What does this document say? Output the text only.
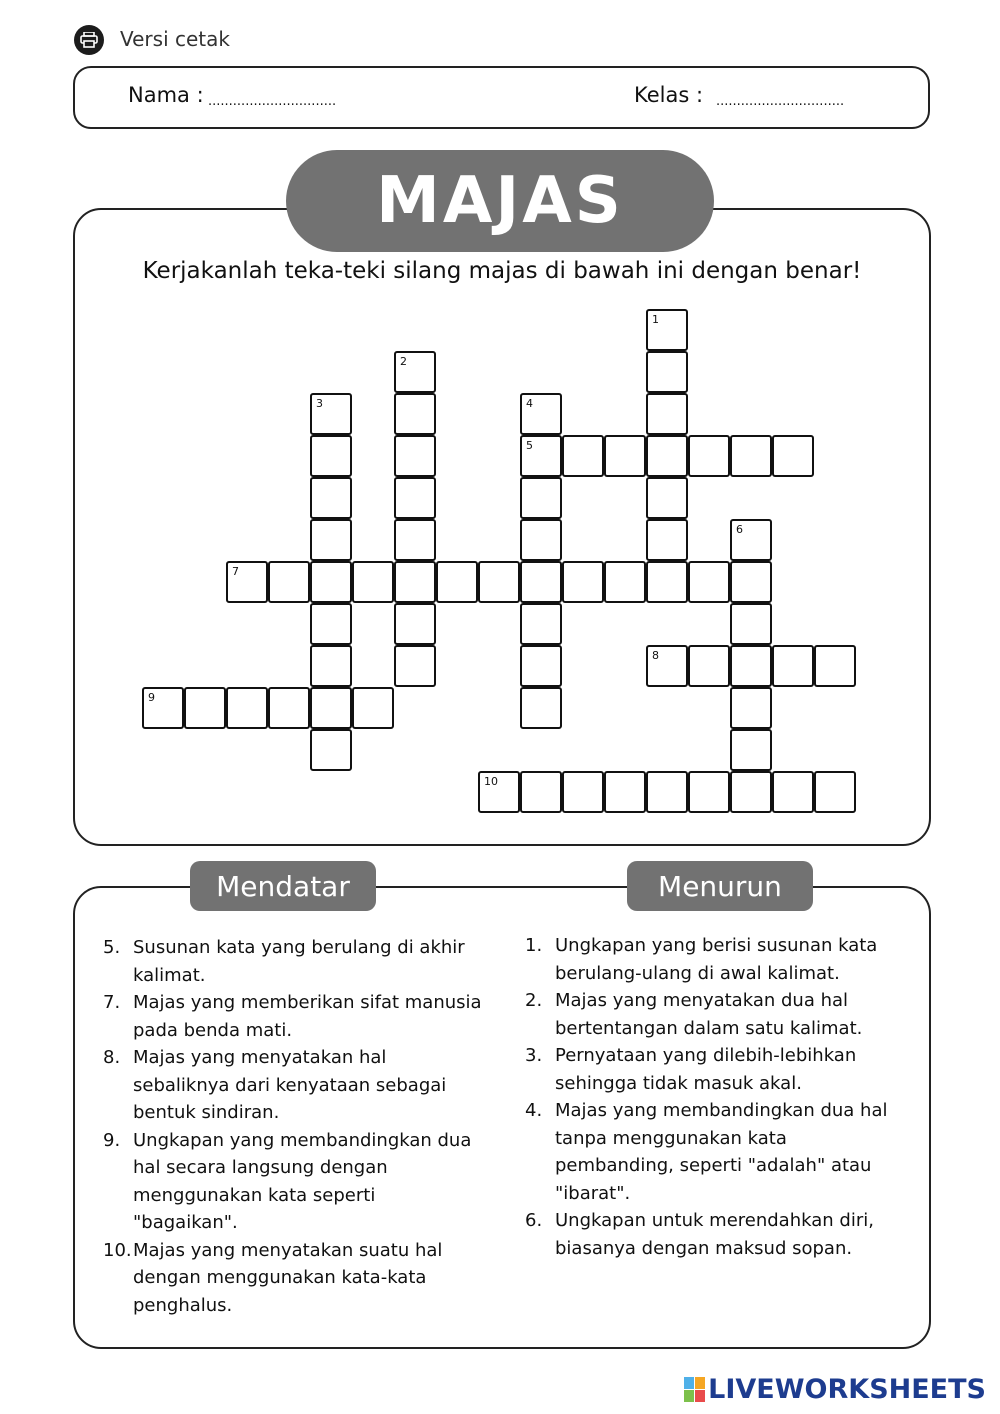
Versi cetak
Nama : ...............................	Kelas : ...............................
MAJAS
Kerjakanlah teka-teki silang majas di bawah ini dengan benar!
5
7
8
9
10
1
2
3	4
6
Mendatar	Menurun
5. Susunan kata yang berulang di akhir kalimat.
7. Majas yang memberikan sifat manusia pada benda mati.
8. Majas yang menyatakan hal sebaliknya dari kenyataan sebagai bentuk sindiran.
9. Ungkapan yang membandingkan dua hal secara langsung dengan menggunakan kata seperti "bagaikan".
10. Majas yang menyatakan suatu hal dengan menggunakan kata-kata penghalus.
1. Ungkapan yang berisi susunan kata berulang-ulang di awal kalimat.
2. Majas yang menyatakan dua hal bertentangan dalam satu kalimat.
3. Pernyataan yang dilebih-lebihkan sehingga tidak masuk akal.
4. Majas yang membandingkan dua hal tanpa menggunakan kata pembanding, seperti "adalah" atau "ibarat".
6. Ungkapan untuk merendahkan diri, biasanya dengan maksud sopan.
LIVEWORKSHEETS
